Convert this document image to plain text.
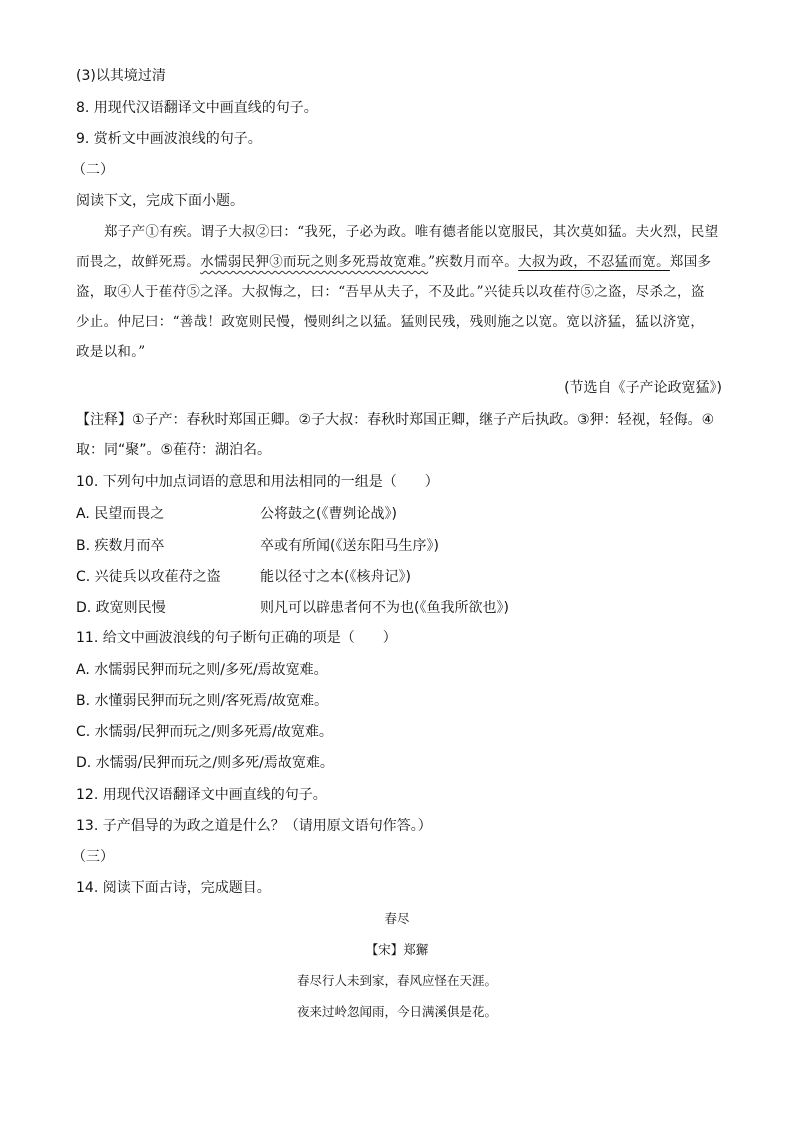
(3)以其境过清
8. 用现代汉语翻译文中画直线的句子。
9. 赏析文中画波浪线的句子。
（二）
阅读下文，完成下面小题。
郑子产①有疾。谓子大叔②曰：“我死，子必为政。唯有德者能以宽服民，其次莫如猛。夫火烈，民望
而畏之，故鲜死焉。水懦弱民狎③而玩之则多死焉故宽难。”疾数月而卒。大叔为政，不忍猛而宽。郑国多
盗，取④人于萑苻⑤之泽。大叔悔之，曰：“吾早从夫子，不及此。”兴徒兵以攻萑苻⑤之盗，尽杀之，盗
少止。仲尼曰：“善哉！政宽则民慢，慢则纠之以猛。猛则民残，残则施之以宽。宽以济猛，猛以济宽，
政是以和。”
(节选自《子产论政宽猛》)
【注释】①子产：春秋时郑国正卿。②子大叔：春秋时郑国正卿，继子产后执政。③狎：轻视，轻侮。④
取：同“聚”。⑤萑苻：湖泊名。
10. 下列句中加点词语的意思和用法相同的一组是（　　）
A. 民望而畏之	公将鼓之(《曹刿论战》)
B. 疾数月而卒	卒或有所闻(《送东阳马生序》)
C. 兴徒兵以攻萑苻之盗	能以径寸之本(《核舟记》)
D. 政宽则民慢	则凡可以辟患者何不为也(《鱼我所欲也》)
11. 给文中画波浪线的句子断句正确的项是（　　）
A. 水懦弱民狎而玩之则/多死/焉故宽难。
B. 水懂弱民狎而玩之则/客死焉/故宽难。
C. 水懦弱/民狎而玩之/则多死焉/故宽难。
D. 水懦弱/民狎而玩之/则多死/焉故宽难。
12. 用现代汉语翻译文中画直线的句子。
13. 子产倡导的为政之道是什么？（请用原文语句作答。）
（三）
14. 阅读下面古诗，完成题目。
春尽
【宋】郑獬
春尽行人未到家，春风应怪在天涯。
夜来过岭忽闻雨，今日满溪俱是花。
